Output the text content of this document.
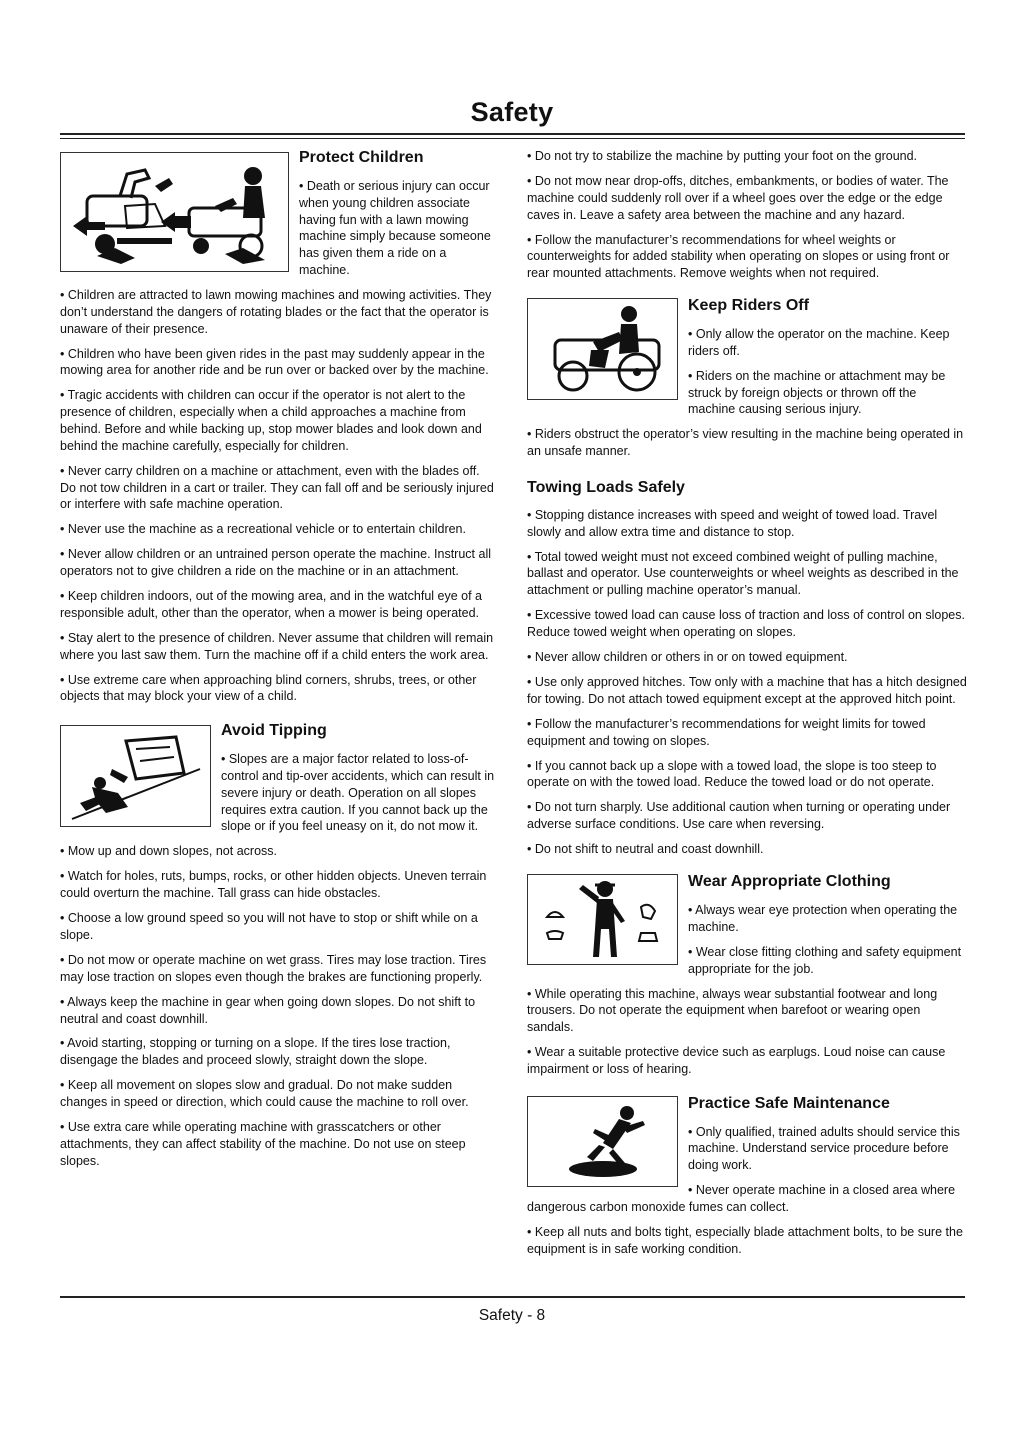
Safety
Protect Children

• Death or serious injury can occur when young children associate having fun with a lawn mowing machine simply because someone has given them a ride on a machine.

• Children are attracted to lawn mowing machines and mowing activities. They don’t understand the dangers of rotating blades or the fact that the operator is unaware of their presence.

• Children who have been given rides in the past may suddenly appear in the mowing area for another ride and be run over or backed over by the machine.

• Tragic accidents with children can occur if the operator is not alert to the presence of children, especially when a child approaches a machine from behind. Before and while backing up, stop mower blades and look down and behind the machine carefully, especially for children.

• Never carry children on a machine or attachment, even with the blades off. Do not tow children in a cart or trailer. They can fall off and be seriously injured or interfere with safe machine operation.

• Never use the machine as a recreational vehicle or to entertain children.

• Never allow children or an untrained person operate the machine. Instruct all operators not to give children a ride on the machine or in an attachment.

• Keep children indoors, out of the mowing area, and in the watchful eye of a responsible adult, other than the operator, when a mower is being operated.

• Stay alert to the presence of children. Never assume that children will remain where you last saw them. Turn the machine off if a child enters the work area.

• Use extreme care when approaching blind corners, shrubs, trees, or other objects that may block your view of a child.

Avoid Tipping

• Slopes are a major factor related to loss-of-control and tip-over accidents, which can result in severe injury or death. Operation on all slopes requires extra caution. If you cannot back up the slope or if you feel uneasy on it, do not mow it.

• Mow up and down slopes, not across.

• Watch for holes, ruts, bumps, rocks, or other hidden objects. Uneven terrain could overturn the machine. Tall grass can hide obstacles.

• Choose a low ground speed so you will not have to stop or shift while on a slope.

• Do not mow or operate machine on wet grass. Tires may lose traction. Tires may lose traction on slopes even though the brakes are functioning properly.

• Always keep the machine in gear when going down slopes. Do not shift to neutral and coast downhill.

• Avoid starting, stopping or turning on a slope. If the tires lose traction, disengage the blades and proceed slowly, straight down the slope.

• Keep all movement on slopes slow and gradual. Do not make sudden changes in speed or direction, which could cause the machine to roll over.

• Use extra care while operating machine with grasscatchers or other attachments, they can affect stability of the machine. Do not use on steep slopes.

• Do not try to stabilize the machine by putting your foot on the ground.

• Do not mow near drop-offs, ditches, embankments, or bodies of water. The machine could suddenly roll over if a wheel goes over the edge or the edge caves in. Leave a safety area between the machine and any hazard.

• Follow the manufacturer’s recommendations for wheel weights or counterweights for added stability when operating on slopes or using front or rear mounted attachments. Remove weights when not required.

Keep Riders Off

• Only allow the operator on the machine. Keep riders off.

• Riders on the machine or attachment may be struck by foreign objects or thrown off the machine causing serious injury.

• Riders obstruct the operator’s view resulting in the machine being operated in an unsafe manner.

Towing Loads Safely

• Stopping distance increases with speed and weight of towed load. Travel slowly and allow extra time and distance to stop.

• Total towed weight must not exceed combined weight of pulling machine, ballast and operator. Use counterweights or wheel weights as described in the attachment or pulling machine operator’s manual.

• Excessive towed load can cause loss of traction and loss of control on slopes. Reduce towed weight when operating on slopes.

• Never allow children or others in or on towed equipment.

• Use only approved hitches. Tow only with a machine that has a hitch designed for towing. Do not attach towed equipment except at the approved hitch point.

• Follow the manufacturer’s recommendations for weight limits for towed equipment and towing on slopes.

• If you cannot back up a slope with a towed load, the slope is too steep to operate on with the towed load. Reduce the towed load or do not operate.

• Do not turn sharply. Use additional caution when turning or operating under adverse surface conditions. Use care when reversing.

• Do not shift to neutral and coast downhill.

Wear Appropriate Clothing

• Always wear eye protection when operating the machine.

• Wear close fitting clothing and safety equipment appropriate for the job.

• While operating this machine, always wear substantial footwear and long trousers. Do not operate the equipment when barefoot or wearing open sandals.

• Wear a suitable protective device such as earplugs. Loud noise can cause impairment or loss of hearing.

Practice Safe Maintenance

• Only qualified, trained adults should service this machine. Understand service procedure before doing work.

• Never operate machine in a closed area where dangerous carbon monoxide fumes can collect.

• Keep all nuts and bolts tight, especially blade attachment bolts, to be sure the equipment is in safe working condition.

Safety - 8
